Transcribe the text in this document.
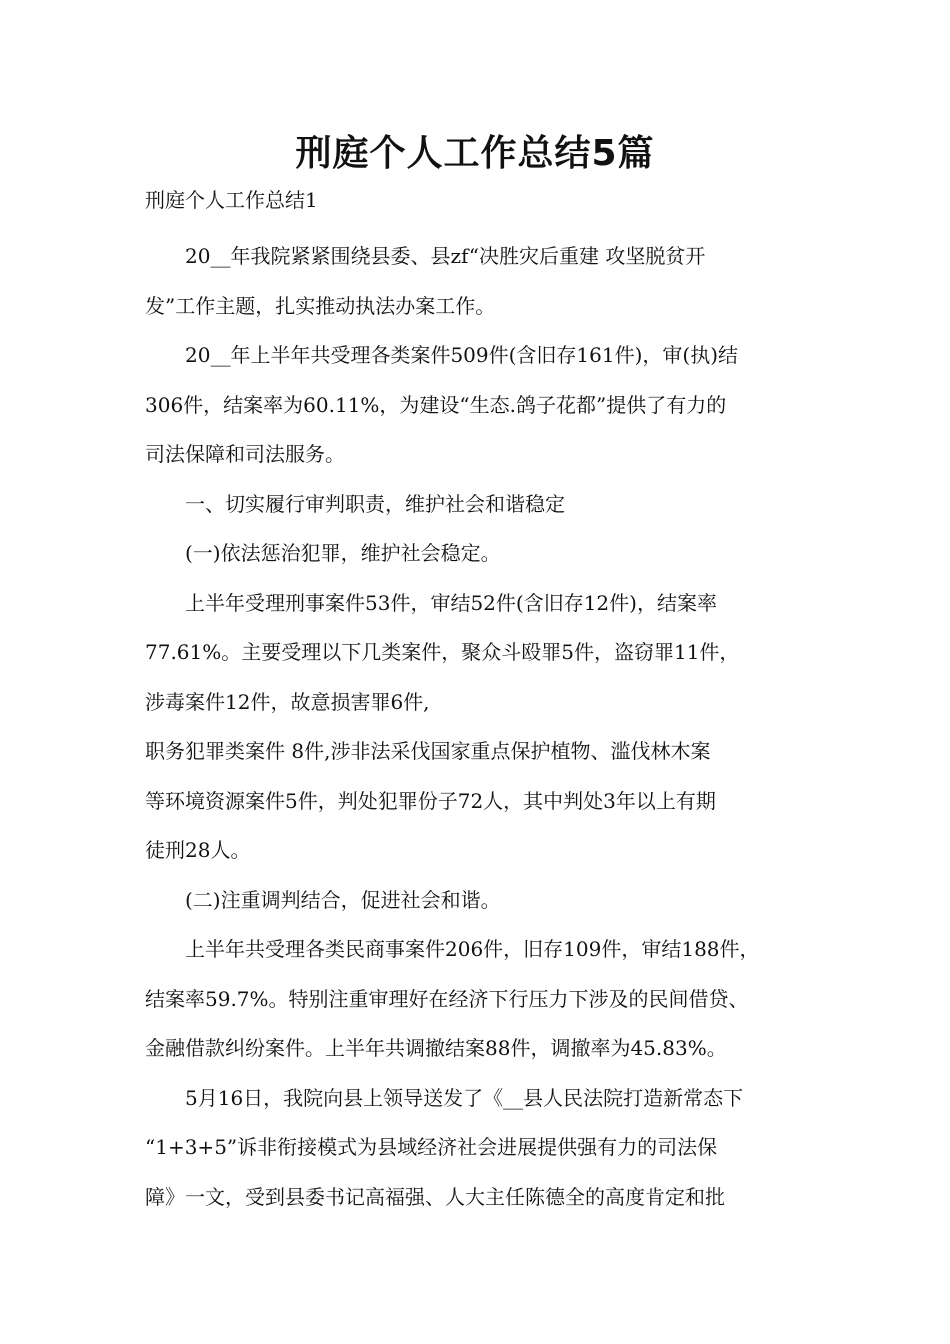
刑庭个人工作总结5篇
刑庭个人工作总结1

20__年我院紧紧围绕县委、县zf“决胜灾后重建 攻坚脱贫开
发”工作主题，扎实推动执法办案工作。

20__年上半年共受理各类案件509件(含旧存161件)，审(执)结
306件，结案率为60.11%，为建设“生态.鸽子花都”提供了有力的
司法保障和司法服务。

一、切实履行审判职责，维护社会和谐稳定

(一)依法惩治犯罪，维护社会稳定。

上半年受理刑事案件53件，审结52件(含旧存12件)，结案率
77.61%。主要受理以下几类案件，聚众斗殴罪5件，盗窃罪11件，
涉毒案件12件，故意损害罪6件,

职务犯罪类案件 8件,涉非法采伐国家重点保护植物、滥伐林木案
等环境资源案件5件，判处犯罪份子72人，其中判处3年以上有期
徒刑28人。

(二)注重调判结合，促进社会和谐。

上半年共受理各类民商事案件206件，旧存109件，审结188件，
结案率59.7%。特别注重审理好在经济下行压力下涉及的民间借贷、
金融借款纠纷案件。上半年共调撤结案88件，调撤率为45.83%。

5月16日，我院向县上领导送发了《__县人民法院打造新常态下
“1+3+5”诉非衔接模式为县域经济社会进展提供强有力的司法保
障》一文，受到县委书记高福强、人大主任陈德全的高度肯定和批
